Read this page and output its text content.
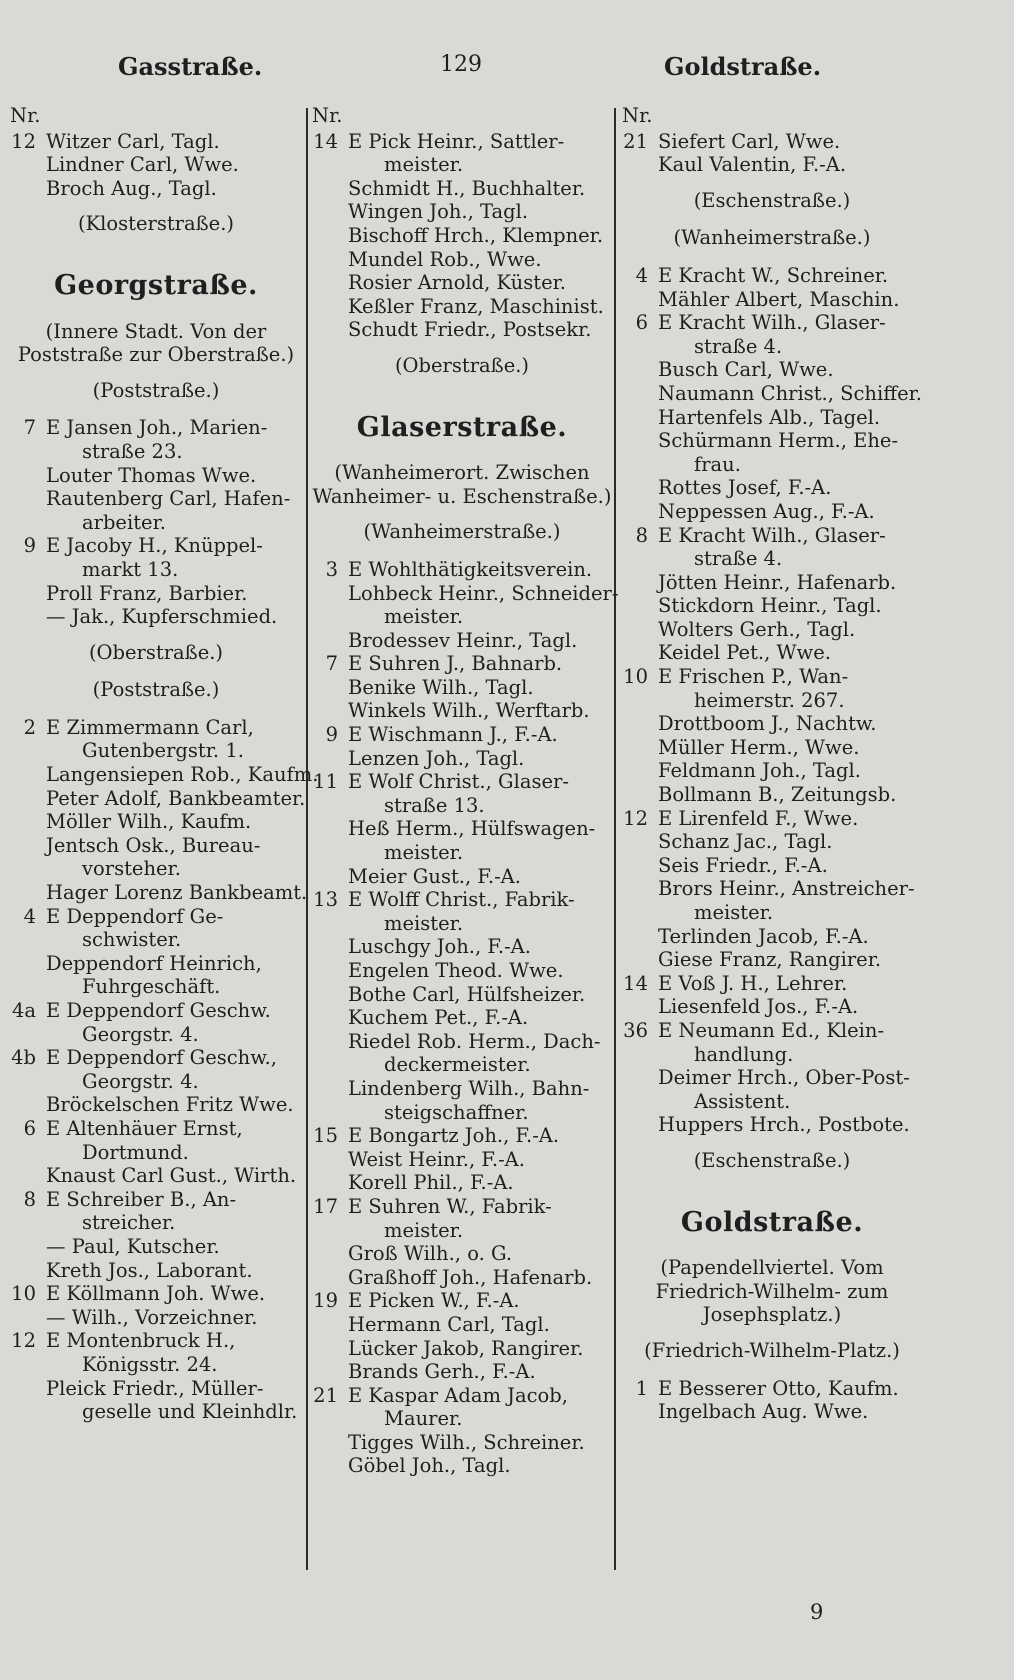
Gasstraße.	129	Goldstraße.
Nr.
12 Witzer Carl, Tagl.
Lindner Carl, Wwe.
Broch Aug., Tagl.
(Klosterstraße.)
Georgstraße.
(Innere Stadt. Von der
Poststraße zur Oberstraße.)
(Poststraße.)
7 E Jansen Joh., Marien-
straße 23.
Louter Thomas Wwe.
Rautenberg Carl, Hafen-
arbeiter.
9 E Jacoby H., Knüppel-
markt 13.
Proll Franz, Barbier.
— Jak., Kupferschmied.
(Oberstraße.)
(Poststraße.)
2 E Zimmermann Carl,
Gutenbergstr. 1.
Langensiepen Rob., Kaufm.
Peter Adolf, Bankbeamter.
Möller Wilh., Kaufm.
Jentsch Osk., Bureau-
vorsteher.
Hager Lorenz Bankbeamt.
4 E Deppendorf Ge-
schwister.
Deppendorf Heinrich,
Fuhrgeschäft.
4a E Deppendorf Geschw.
Georgstr. 4.
4b E Deppendorf Geschw.,
Georgstr. 4.
Bröckelschen Fritz Wwe.
6 E Altenhäuer Ernst,
Dortmund.
Knaust Carl Gust., Wirth.
8 E Schreiber B., An-
streicher.
— Paul, Kutscher.
Kreth Jos., Laborant.
10 E Köllmann Joh. Wwe.
— Wilh., Vorzeichner.
12 E Montenbruck H.,
Königsstr. 24.
Pleick Friedr., Müller-
geselle und Kleinhdlr.
Nr.
14 E Pick Heinr., Sattler-
meister.
Schmidt H., Buchhalter.
Wingen Joh., Tagl.
Bischoff Hrch., Klempner.
Mundel Rob., Wwe.
Rosier Arnold, Küster.
Keßler Franz, Maschinist.
Schudt Friedr., Postsekr.
(Oberstraße.)
Glaserstraße.
(Wanheimerort. Zwischen
Wanheimer- u. Eschenstraße.)
(Wanheimerstraße.)
3 E Wohlthätigkeitsverein.
Lohbeck Heinr., Schneider-
meister.
Brodessev Heinr., Tagl.
7 E Suhren J., Bahnarb.
Benike Wilh., Tagl.
Winkels Wilh., Werftarb.
9 E Wischmann J., F.-A.
Lenzen Joh., Tagl.
11 E Wolf Christ., Glaser-
straße 13.
Heß Herm., Hülfswagen-
meister.
Meier Gust., F.-A.
13 E Wolff Christ., Fabrik-
meister.
Luschgy Joh., F.-A.
Engelen Theod. Wwe.
Bothe Carl, Hülfsheizer.
Kuchem Pet., F.-A.
Riedel Rob. Herm., Dach-
deckermeister.
Lindenberg Wilh., Bahn-
steigschaffner.
15 E Bongartz Joh., F.-A.
Weist Heinr., F.-A.
Korell Phil., F.-A.
17 E Suhren W., Fabrik-
meister.
Groß Wilh., o. G.
Graßhoff Joh., Hafenarb.
19 E Picken W., F.-A.
Hermann Carl, Tagl.
Lücker Jakob, Rangirer.
Brands Gerh., F.-A.
21 E Kaspar Adam Jacob,
Maurer.
Tigges Wilh., Schreiner.
Göbel Joh., Tagl.
Nr.
21 Siefert Carl, Wwe.
Kaul Valentin, F.-A.
(Eschenstraße.)
(Wanheimerstraße.)
4 E Kracht W., Schreiner.
Mähler Albert, Maschin.
6 E Kracht Wilh., Glaser-
straße 4.
Busch Carl, Wwe.
Naumann Christ., Schiffer.
Hartenfels Alb., Tagel.
Schürmann Herm., Ehe-
frau.
Rottes Josef, F.-A.
Neppessen Aug., F.-A.
8 E Kracht Wilh., Glaser-
straße 4.
Jötten Heinr., Hafenarb.
Stickdorn Heinr., Tagl.
Wolters Gerh., Tagl.
Keidel Pet., Wwe.
10 E Frischen P., Wan-
heimerstr. 267.
Drottboom J., Nachtw.
Müller Herm., Wwe.
Feldmann Joh., Tagl.
Bollmann B., Zeitungsb.
12 E Lirenfeld F., Wwe.
Schanz Jac., Tagl.
Seis Friedr., F.-A.
Brors Heinr., Anstreicher-
meister.
Terlinden Jacob, F.-A.
Giese Franz, Rangirer.
14 E Voß J. H., Lehrer.
Liesenfeld Jos., F.-A.
36 E Neumann Ed., Klein-
handlung.
Deimer Hrch., Ober-Post-
Assistent.
Huppers Hrch., Postbote.
(Eschenstraße.)
Goldstraße.
(Papendellviertel. Vom
Friedrich-Wilhelm- zum
Josephsplatz.)
(Friedrich-Wilhelm-Platz.)
1 E Besserer Otto, Kaufm.
Ingelbach Aug. Wwe.
9
